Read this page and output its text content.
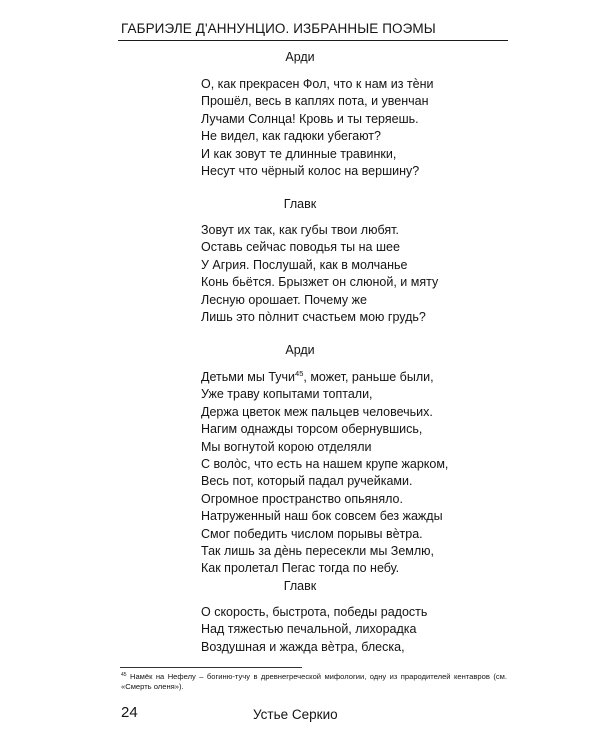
ГАБРИЭЛЕ Д'АННУНЦИО. ИЗБРАННЫЕ ПОЭМЫ
Арди
О, как прекрасен Фол, что к нам из тѐни
Прошёл, весь в каплях пота, и увенчан
Лучами Солнца! Кровь и ты теряешь.
Не видел, как гадюки убегают?
И как зовут те длинные травинки,
Несут что чёрный колос на вершину?
Главк
Зовут их так, как губы твои любят.
Оставь сейчас поводья ты на шее
У Агрия. Послушай, как в молчанье
Конь бьётся. Брызжет он слюной, и мяту
Лесную орошает. Почему же
Лишь это пòлнит счастьем мою грудь?
Арди
Детьми мы Тучи$^{45}$, может, раньше были,
Уже траву копытами топтали,
Держа цветок меж пальцев человечьих.
Нагим однажды торсом обернувшись,
Мы вогнутой корою отделяли
С волòс, что есть на нашем крупе жарком,
Весь пот, который падал ручейками.
Огромное пространство опьяняло.
Натруженный наш бок совсем без жажды
Смог победить числом порывы вѐтра.
Так лишь за дѐнь пересекли мы Землю,
Как пролетал Пегас тогда по небу.
Главк
О скорость, быстрота, победы радость
Над тяжестью печальной, лихорадка
Воздушная и жажда вѐтра, блеска,
$^{45}$ Намёк на Нефелу – богиню-тучу в древнегреческой мифологии, одну из прародителей кентавров (см. «Смерть оленя»).
24	Устье Серкио
